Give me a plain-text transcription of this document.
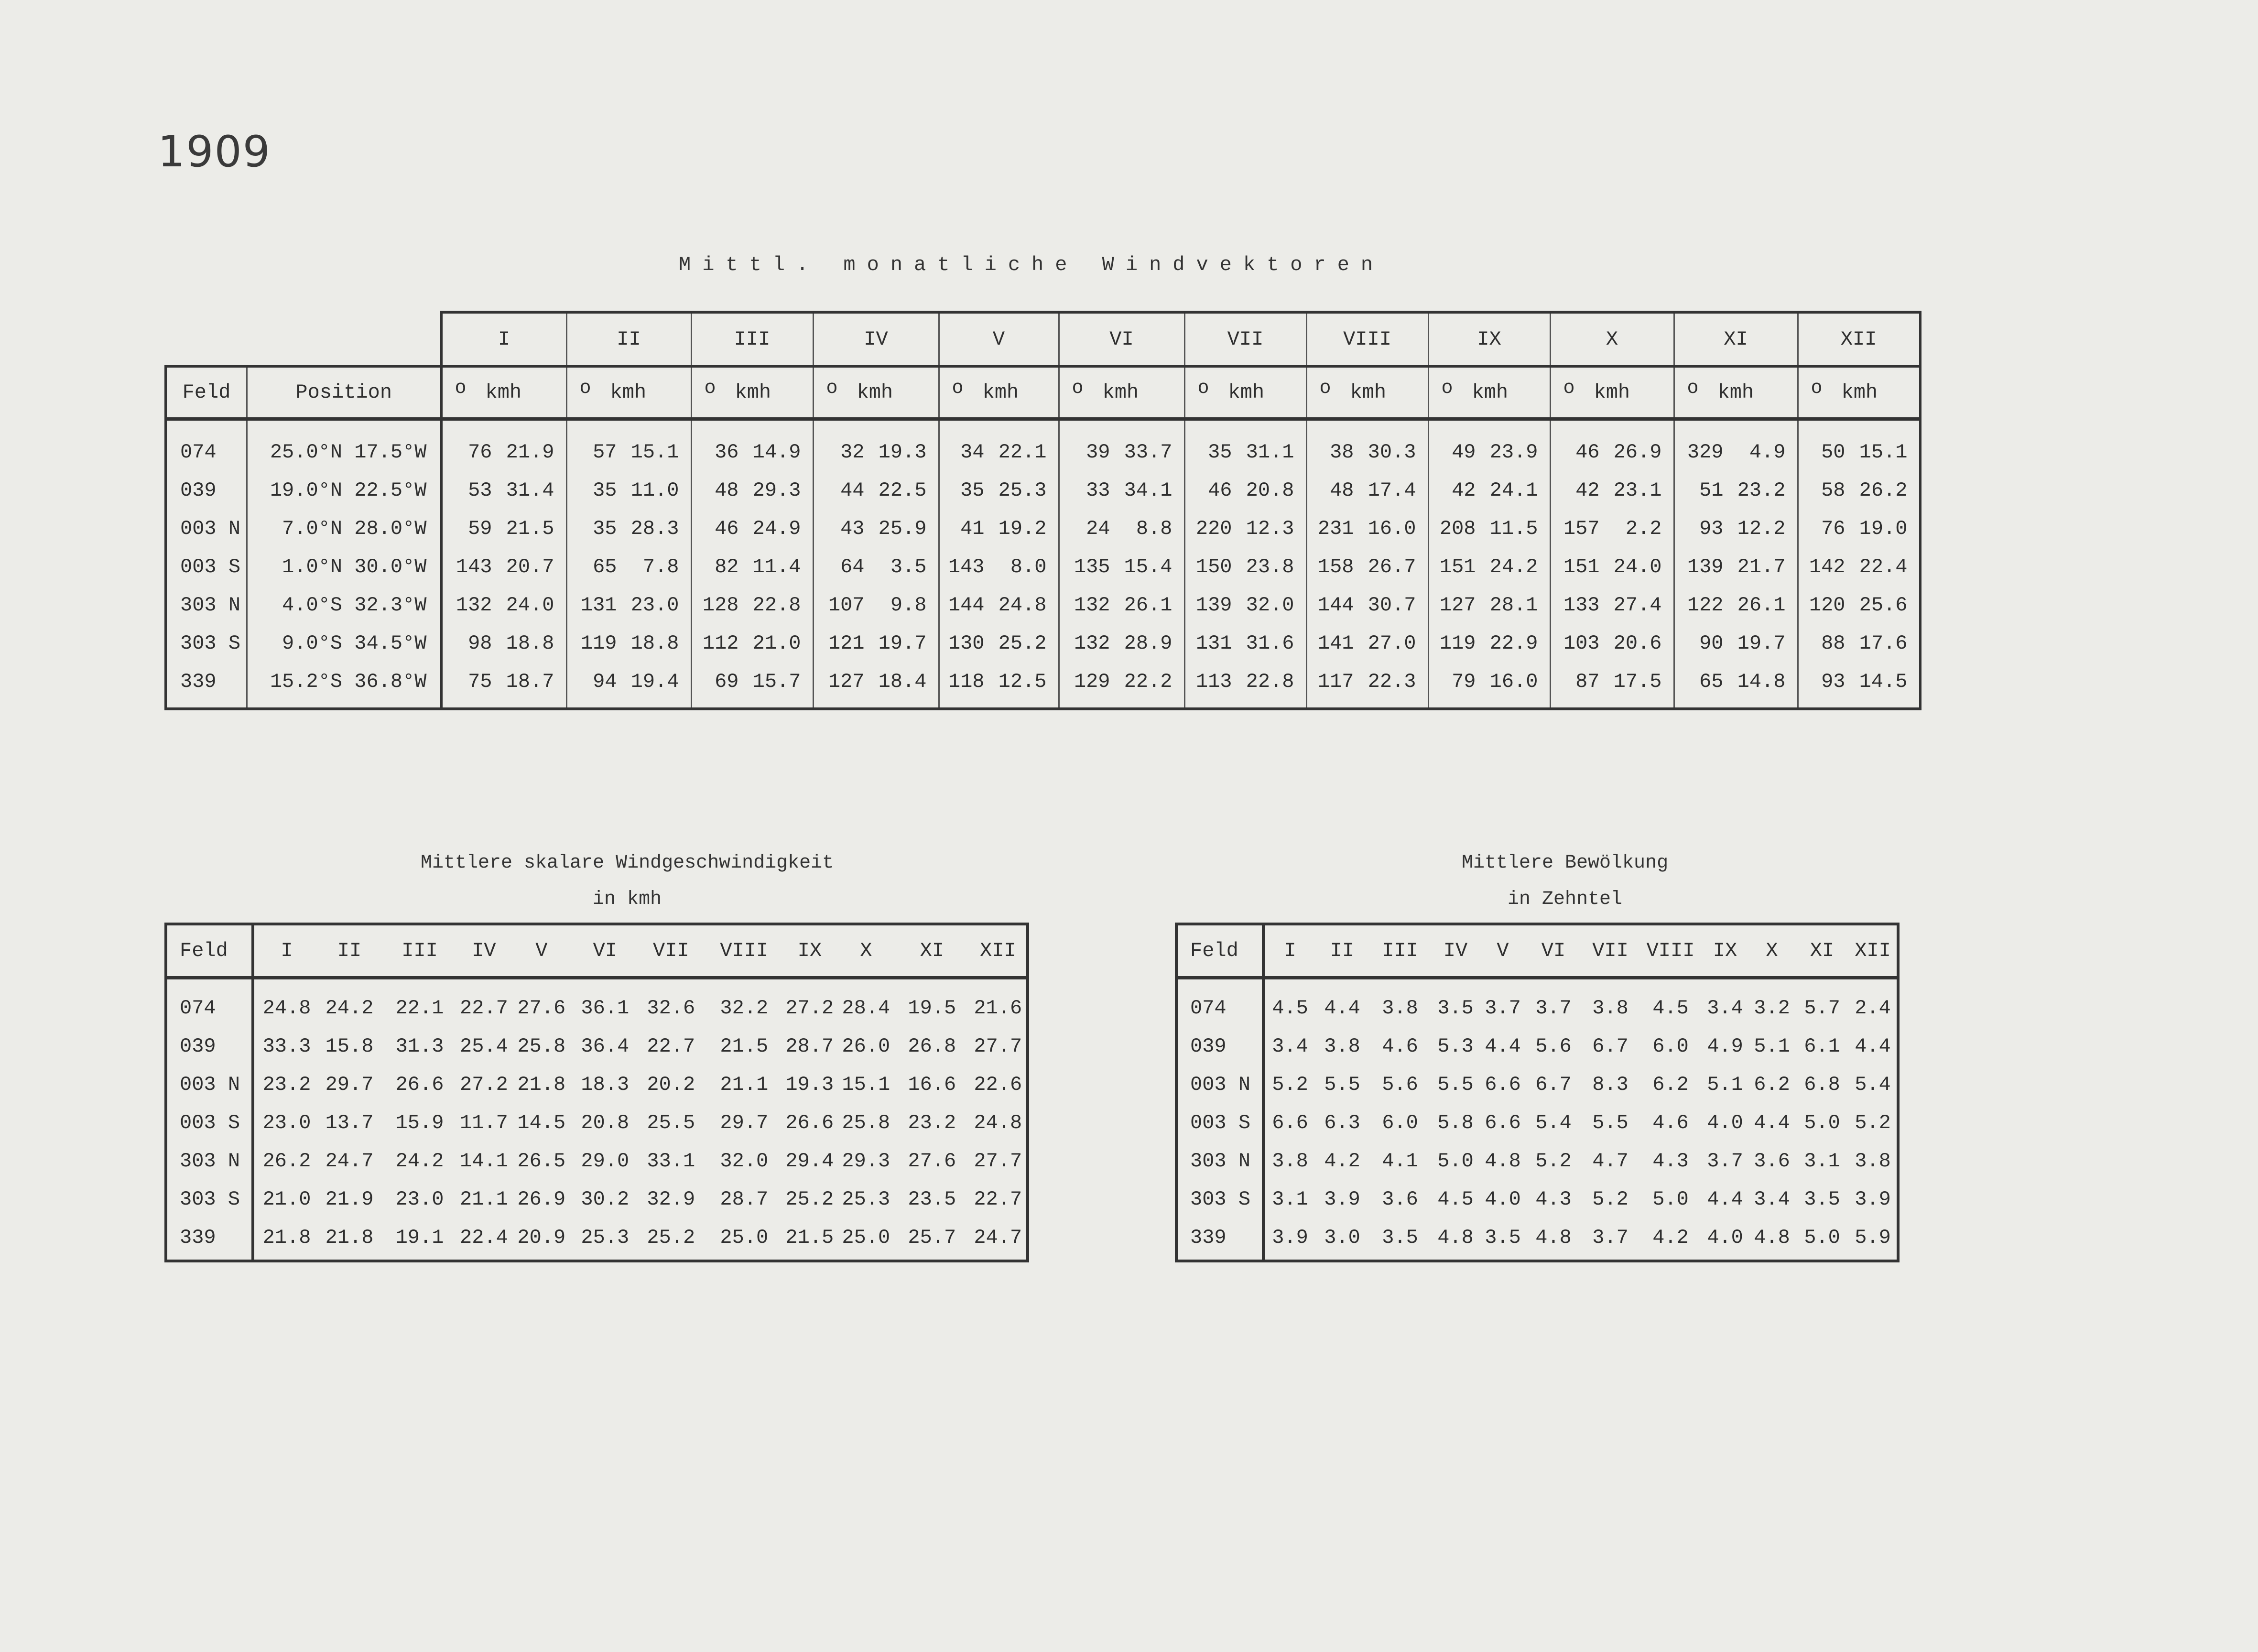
1909
Mittl. monatliche Windvektoren
		I	II	III	IV	V	VI	VII	VIII	IX	X	XI	XII
Feld	Position	o kmh	o kmh	o kmh	o kmh	o kmh	o kmh	o kmh	o kmh	o kmh	o kmh	o kmh	o kmh
074	25.0°N 17.5°W	76 21.9	57 15.1	36 14.9	32 19.3	34 22.1	39 33.7	35 31.1	38 30.3	49 23.9	46 26.9	329 4.9	50 15.1
039	19.0°N 22.5°W	53 31.4	35 11.0	48 29.3	44 22.5	35 25.3	33 34.1	46 20.8	48 17.4	42 24.1	42 23.1	51 23.2	58 26.2
003 N	7.0°N 28.0°W	59 21.5	35 28.3	46 24.9	43 25.9	41 19.2	24 8.8	220 12.3	231 16.0	208 11.5	157 2.2	93 12.2	76 19.0
003 S	1.0°N 30.0°W	143 20.7	65 7.8	82 11.4	64 3.5	143 8.0	135 15.4	150 23.8	158 26.7	151 24.2	151 24.0	139 21.7	142 22.4
303 N	4.0°S 32.3°W	132 24.0	131 23.0	128 22.8	107 9.8	144 24.8	132 26.1	139 32.0	144 30.7	127 28.1	133 27.4	122 26.1	120 25.6
303 S	9.0°S 34.5°W	98 18.8	119 18.8	112 21.0	121 19.7	130 25.2	132 28.9	131 31.6	141 27.0	119 22.9	103 20.6	90 19.7	88 17.6
339	15.2°S 36.8°W	75 18.7	94 19.4	69 15.7	127 18.4	118 12.5	129 22.2	113 22.8	117 22.3	79 16.0	87 17.5	65 14.8	93 14.5
Mittlere skalare Windgeschwindigkeit
in kmh
Mittlere Bewölkung
in Zehntel
Feld	I	II	III	IV	V	VI	VII	VIII	IX	X	XI	XII
074	24.8	24.2	22.1	22.7	27.6	36.1	32.6	32.2	27.2	28.4	19.5	21.6
039	33.3	15.8	31.3	25.4	25.8	36.4	22.7	21.5	28.7	26.0	26.8	27.7
003 N	23.2	29.7	26.6	27.2	21.8	18.3	20.2	21.1	19.3	15.1	16.6	22.6
003 S	23.0	13.7	15.9	11.7	14.5	20.8	25.5	29.7	26.6	25.8	23.2	24.8
303 N	26.2	24.7	24.2	14.1	26.5	29.0	33.1	32.0	29.4	29.3	27.6	27.7
303 S	21.0	21.9	23.0	21.1	26.9	30.2	32.9	28.7	25.2	25.3	23.5	22.7
339	21.8	21.8	19.1	22.4	20.9	25.3	25.2	25.0	21.5	25.0	25.7	24.7
Feld	I	II	III	IV	V	VI	VII	VIII	IX	X	XI	XII
074	4.5	4.4	3.8	3.5	3.7	3.7	3.8	4.5	3.4	3.2	5.7	2.4
039	3.4	3.8	4.6	5.3	4.4	5.6	6.7	6.0	4.9	5.1	6.1	4.4
003 N	5.2	5.5	5.6	5.5	6.6	6.7	8.3	6.2	5.1	6.2	6.8	5.4
003 S	6.6	6.3	6.0	5.8	6.6	5.4	5.5	4.6	4.0	4.4	5.0	5.2
303 N	3.8	4.2	4.1	5.0	4.8	5.2	4.7	4.3	3.7	3.6	3.1	3.8
303 S	3.1	3.9	3.6	4.5	4.0	4.3	5.2	5.0	4.4	3.4	3.5	3.9
339	3.9	3.0	3.5	4.8	3.5	4.8	3.7	4.2	4.0	4.8	5.0	5.9
